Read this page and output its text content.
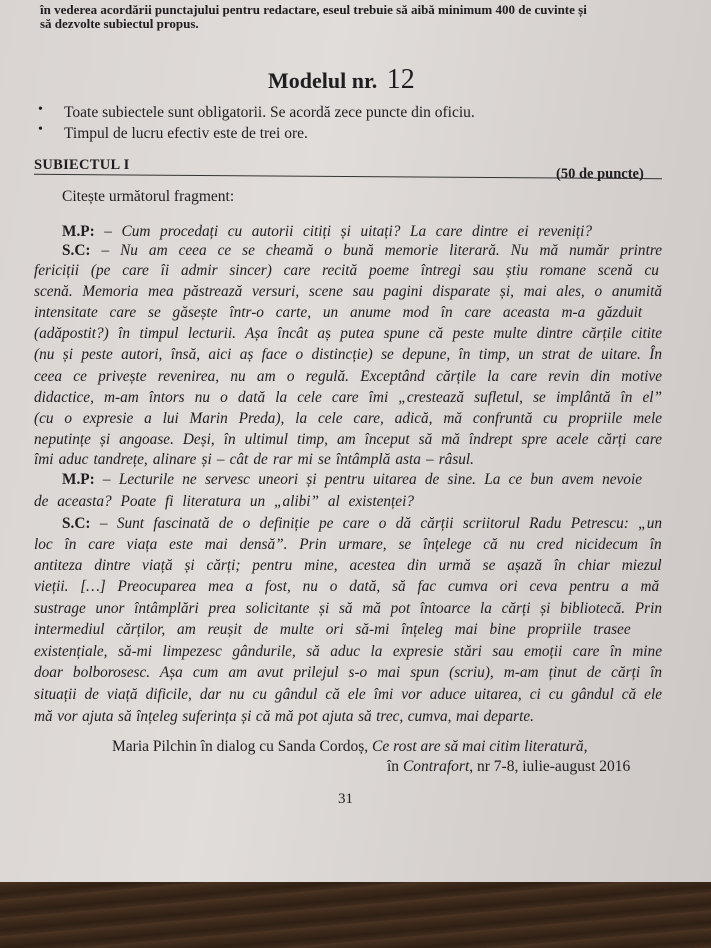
în vederea acordării punctajului pentru redactare, eseul trebuie să aibă minimum 400 de cuvinte și
să dezvolte subiectul propus.
Modelul nr. 12
• Toate subiectele sunt obligatorii. Se acordă zece puncte din oficiu.
• Timpul de lucru efectiv este de trei ore.
SUBIECTUL I
(50 de puncte)
Citește următorul fragment:
M.P: – Cum procedați cu autorii citiți și uitați? La care dintre ei reveniți?
S.C: – Nu am ceea ce se cheamă o bună memorie literară. Nu mă număr printre
fericiții (pe care îi admir sincer) care recită poeme întregi sau știu romane scenă cu
scenă. Memoria mea păstrează versuri, scene sau pagini disparate și, mai ales, o anumită
intensitate care se găsește într-o carte, un anume mod în care aceasta m-a găzduit
(adăpostit?) în timpul lecturii. Așa încât aș putea spune că peste multe dintre cărțile citite
(nu și peste autori, însă, aici aș face o distincție) se depune, în timp, un strat de uitare. În
ceea ce privește revenirea, nu am o regulă. Exceptând cărțile la care revin din motive
didactice, m-am întors nu o dată la cele care îmi „crestează sufletul, se implântă în el”
(cu o expresie a lui Marin Preda), la cele care, adică, mă confruntă cu propriile mele
neputințe și angoase. Deși, în ultimul timp, am început să mă îndrept spre acele cărți care
îmi aduc tandrețe, alinare și – cât de rar mi se întâmplă asta – râsul.
M.P: – Lecturile ne servesc uneori și pentru uitarea de sine. La ce bun avem nevoie
de aceasta? Poate fi literatura un „alibi” al existenței?
S.C: – Sunt fascinată de o definiție pe care o dă cărții scriitorul Radu Petrescu: „un
loc în care viața este mai densă”. Prin urmare, se înțelege că nu cred nicidecum în
antiteza dintre viață și cărți; pentru mine, acestea din urmă se așază în chiar miezul
vieții. […] Preocuparea mea a fost, nu o dată, să fac cumva ori ceva pentru a mă
sustrage unor întâmplări prea solicitante și să mă pot întoarce la cărți și bibliotecă. Prin
intermediul cărților, am reușit de multe ori să-mi înțeleg mai bine propriile trasee
existențiale, să-mi limpezesc gândurile, să aduc la expresie stări sau emoții care în mine
doar bolborosesc. Așa cum am avut prilejul s-o mai spun (scriu), m-am ținut de cărți în
situații de viață dificile, dar nu cu gândul că ele îmi vor aduce uitarea, ci cu gândul că ele
mă vor ajuta să înțeleg suferința și că mă pot ajuta să trec, cumva, mai departe.
Maria Pilchin în dialog cu Sanda Cordoș, Ce rost are să mai citim literatură,
în Contrafort, nr 7-8, iulie-august 2016
31
